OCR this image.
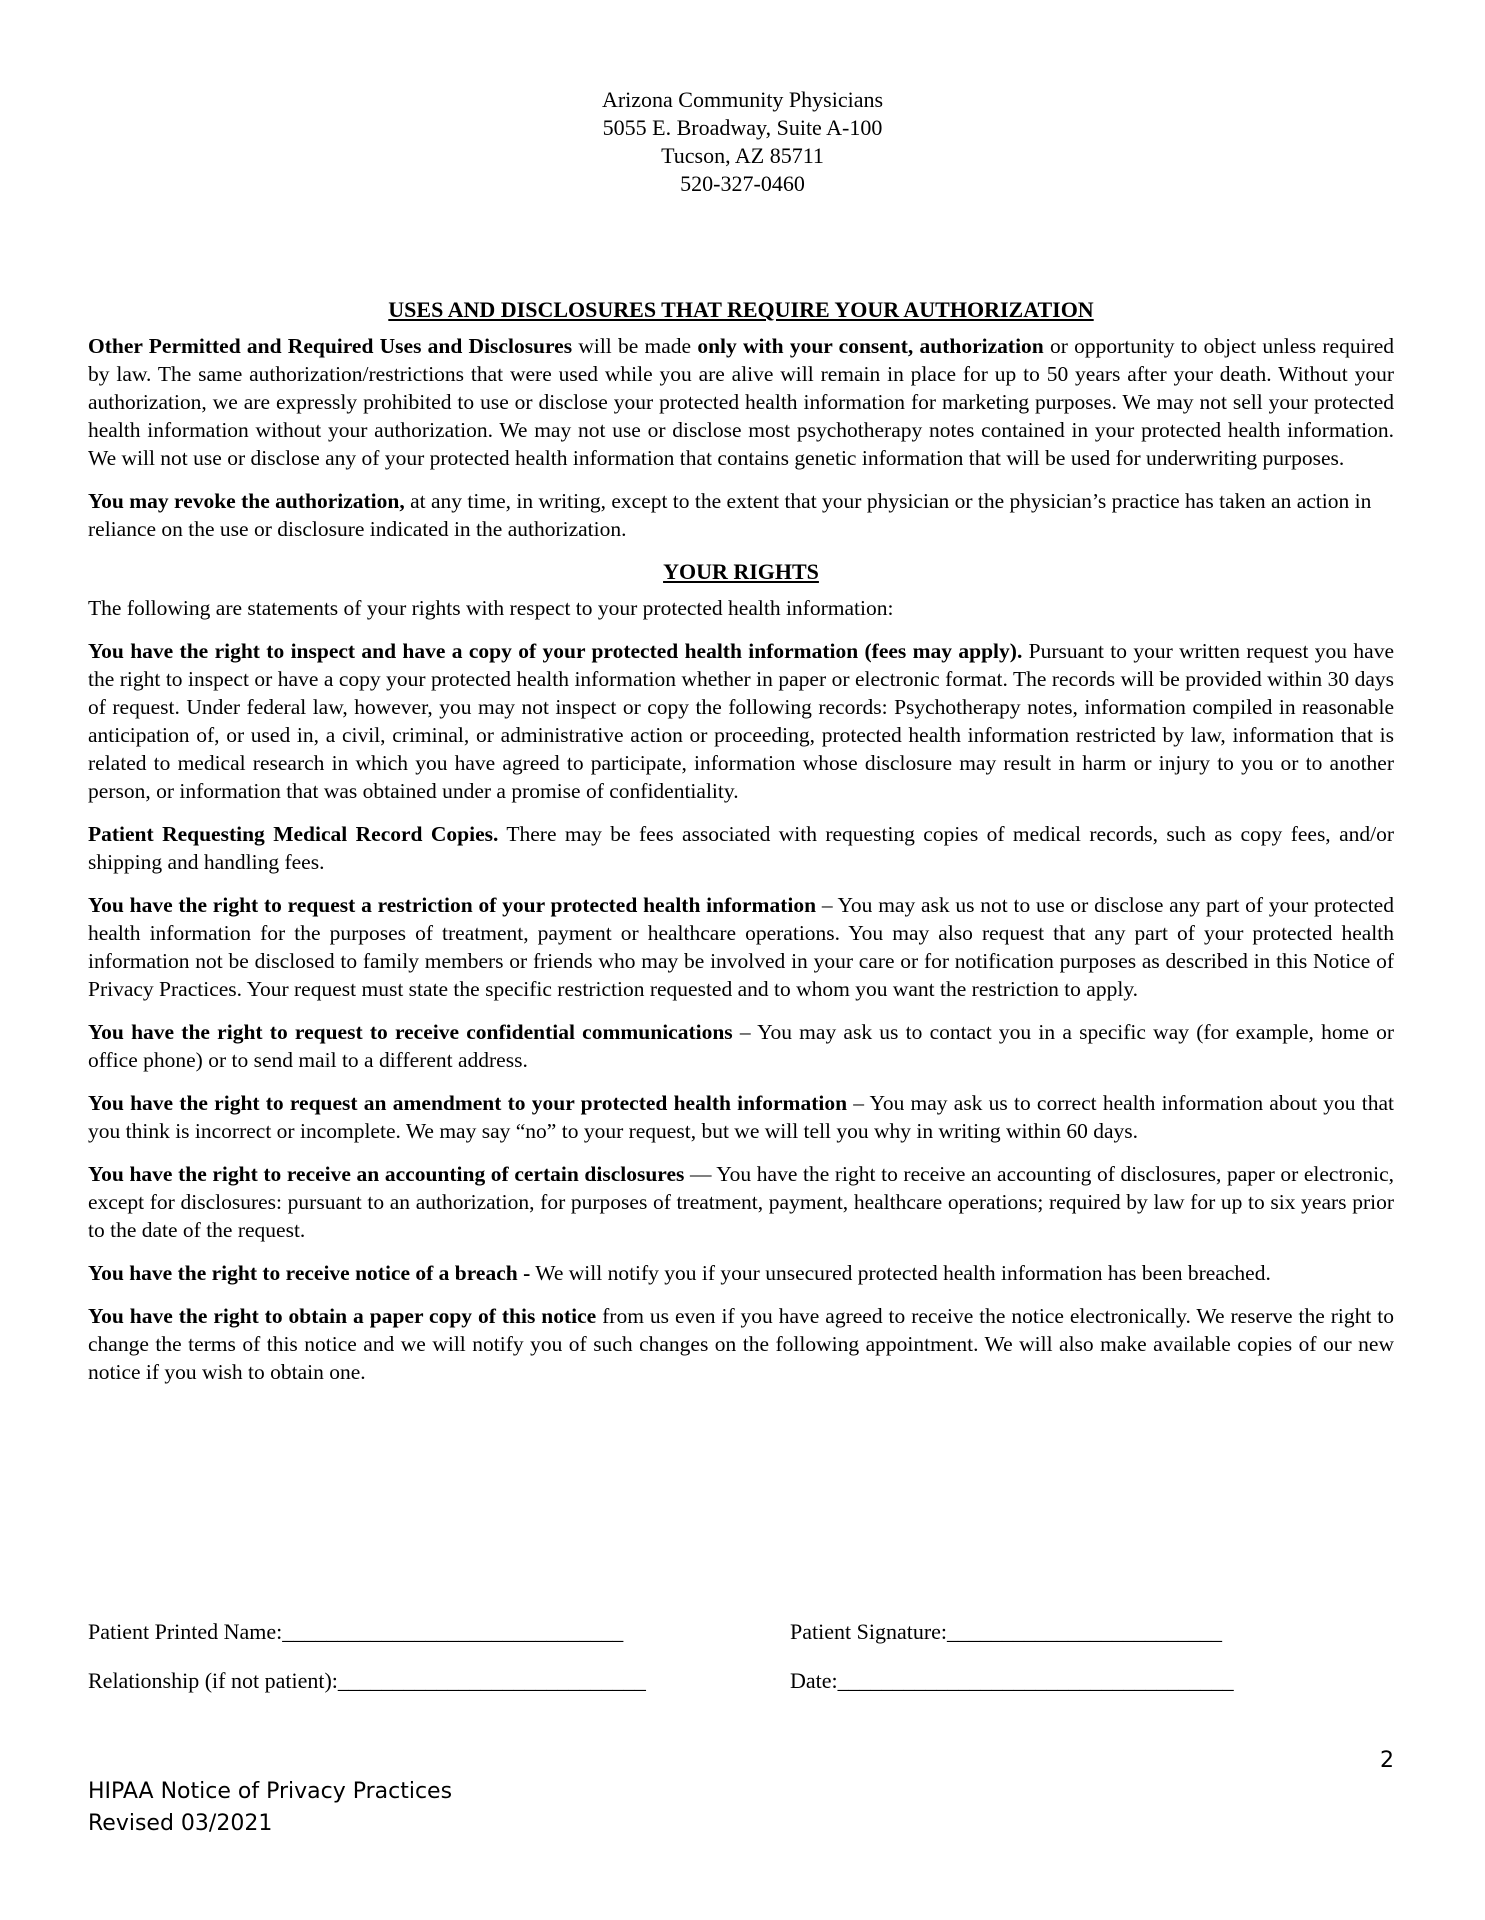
Arizona Community Physicians
5055 E. Broadway, Suite A-100
Tucson, AZ 85711
520-327-0460
USES AND DISCLOSURES THAT REQUIRE YOUR AUTHORIZATION

Other Permitted and Required Uses and Disclosures will be made only with your consent, authorization or opportunity to object unless required by law. The same authorization/restrictions that were used while you are alive will remain in place for up to 50 years after your death. Without your authorization, we are expressly prohibited to use or disclose your protected health information for marketing purposes. We may not sell your protected health information without your authorization. We may not use or disclose most psychotherapy notes contained in your protected health information. We will not use or disclose any of your protected health information that contains genetic information that will be used for underwriting purposes.

You may revoke the authorization, at any time, in writing, except to the extent that your physician or the physician’s practice has taken an action in reliance on the use or disclosure indicated in the authorization.

YOUR RIGHTS

The following are statements of your rights with respect to your protected health information:

You have the right to inspect and have a copy of your protected health information (fees may apply). Pursuant to your written request you have the right to inspect or have a copy your protected health information whether in paper or electronic format. The records will be provided within 30 days of request. Under federal law, however, you may not inspect or copy the following records: Psychotherapy notes, information compiled in reasonable anticipation of, or used in, a civil, criminal, or administrative action or proceeding, protected health information restricted by law, information that is related to medical research in which you have agreed to participate, information whose disclosure may result in harm or injury to you or to another person, or information that was obtained under a promise of confidentiality.

Patient Requesting Medical Record Copies. There may be fees associated with requesting copies of medical records, such as copy fees, and/or shipping and handling fees.

You have the right to request a restriction of your protected health information – You may ask us not to use or disclose any part of your protected health information for the purposes of treatment, payment or healthcare operations. You may also request that any part of your protected health information not be disclosed to family members or friends who may be involved in your care or for notification purposes as described in this Notice of Privacy Practices. Your request must state the specific restriction requested and to whom you want the restriction to apply.

You have the right to request to receive confidential communications – You may ask us to contact you in a specific way (for example, home or office phone) or to send mail to a different address.

You have the right to request an amendment to your protected health information – You may ask us to correct health information about you that you think is incorrect or incomplete. We may say “no” to your request, but we will tell you why in writing within 60 days.

You have the right to receive an accounting of certain disclosures — You have the right to receive an accounting of disclosures, paper or electronic, except for disclosures: pursuant to an authorization, for purposes of treatment, payment, healthcare operations; required by law for up to six years prior to the date of the request.

You have the right to receive notice of a breach - We will notify you if your unsecured protected health information has been breached.

You have the right to obtain a paper copy of this notice from us even if you have agreed to receive the notice electronically. We reserve the right to change the terms of this notice and we will notify you of such changes on the following appointment. We will also make available copies of our new notice if you wish to obtain one.

Patient Printed Name:_______________________________	Patient Signature:_________________________
Relationship (if not patient):____________________________	Date:____________________________________
2
HIPAA Notice of Privacy Practices
Revised 03/2021
